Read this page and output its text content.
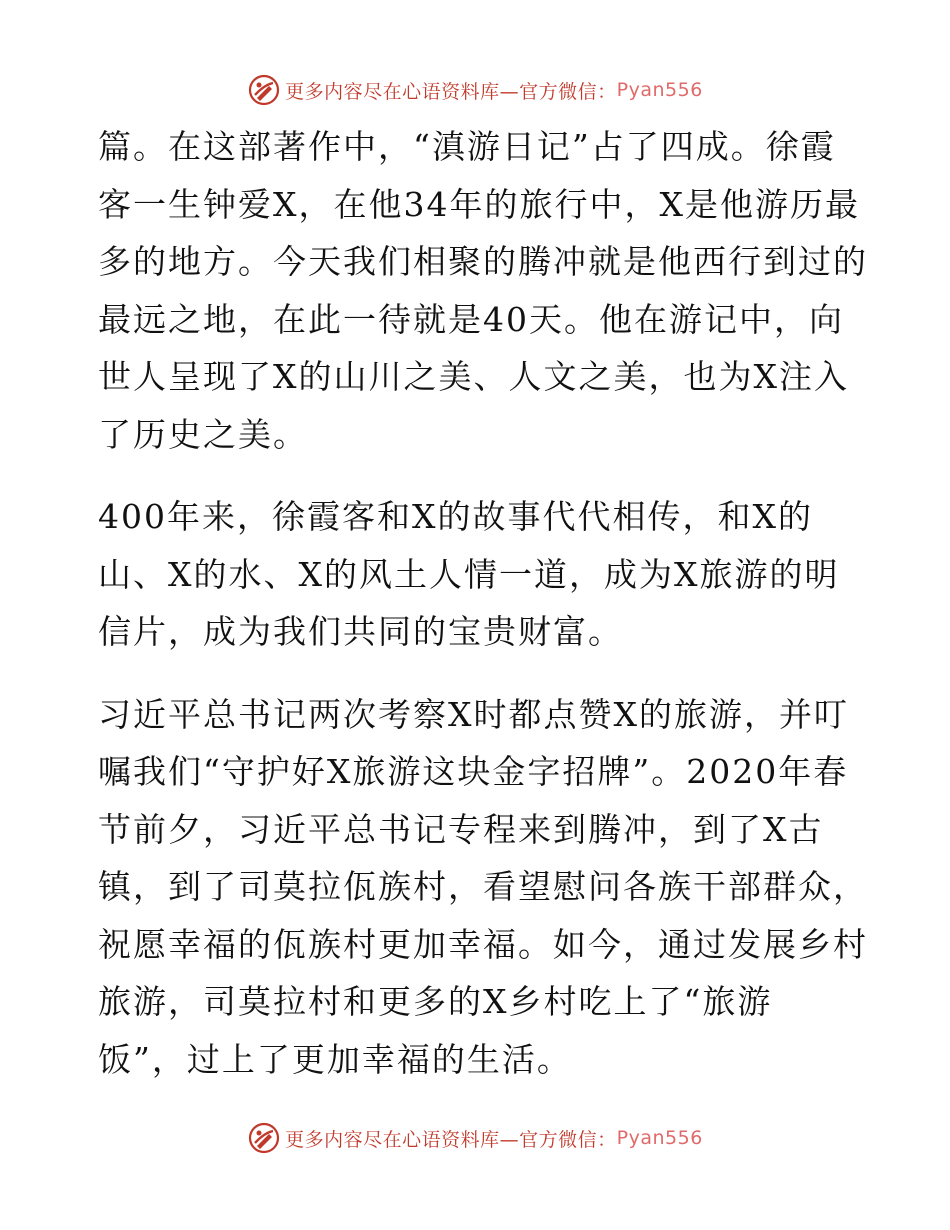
更多内容尽在心语资料库—官方微信： Pyan556

篇。在这部著作中，“滇游日记”占了四成。徐霞
客一生钟爱X，在他34年的旅行中，X是他游历最
多的地方。今天我们相聚的腾冲就是他西行到过的
最远之地，在此一待就是40天。他在游记中，向
世人呈现了X的山川之美、人文之美，也为X注入
了历史之美。

400年来，徐霞客和X的故事代代相传，和X的
山、X的水、X的风土人情一道，成为X旅游的明
信片，成为我们共同的宝贵财富。

习近平总书记两次考察X时都点赞X的旅游，并叮
嘱我们“守护好X旅游这块金字招牌”。2020年春
节前夕，习近平总书记专程来到腾冲，到了X古
镇，到了司莫拉佤族村，看望慰问各族干部群众，
祝愿幸福的佤族村更加幸福。如今，通过发展乡村
旅游，司莫拉村和更多的X乡村吃上了“旅游
饭”，过上了更加幸福的生活。

更多内容尽在心语资料库—官方微信： Pyan556
